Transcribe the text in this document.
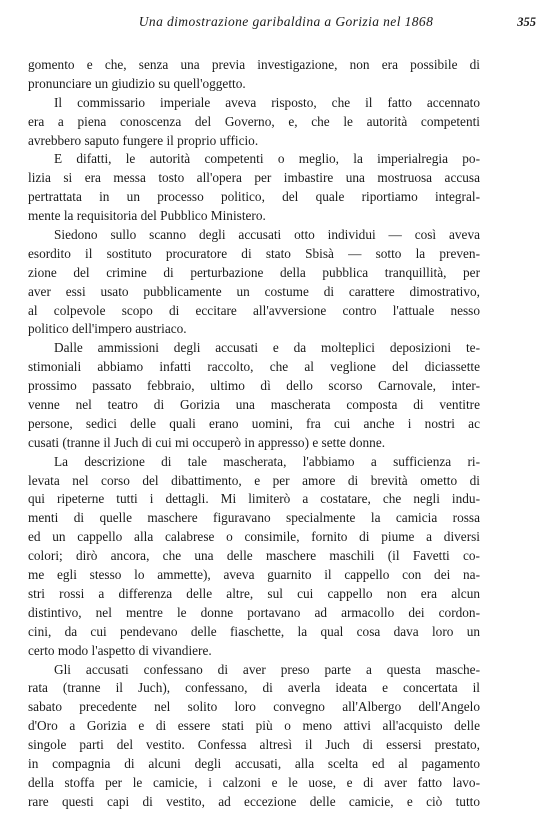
Una dimostrazione garibaldina a Gorizia nel 1868	355
gomento e che, senza una previa investigazione, non era possibile di
pronunciare un giudizio su quell'oggetto.
Il commissario imperiale aveva risposto, che il fatto accennato
era a piena conoscenza del Governo, e, che le autorità competenti
avrebbero saputo fungere il proprio ufficio.
E difatti, le autorità competenti o meglio, la imperialregia po-
lizia si era messa tosto all'opera per imbastire una mostruosa accusa
pertrattata in un processo politico, del quale riportiamo integral-
mente la requisitoria del Pubblico Ministero.
Siedono sullo scanno degli accusati otto individui — così aveva
esordito il sostituto procuratore di stato Sbisà — sotto la preven-
zione del crimine di perturbazione della pubblica tranquillità, per
aver essi usato pubblicamente un costume di carattere dimostrativo,
al colpevole scopo di eccitare all'avversione contro l'attuale nesso
politico dell'impero austriaco.
Dalle ammissioni degli accusati e da molteplici deposizioni te-
stimoniali abbiamo infatti raccolto, che al veglione del diciassette
prossimo passato febbraio, ultimo dì dello scorso Carnovale, inter-
venne nel teatro di Gorizia una mascherata composta di ventitre
persone, sedici delle quali erano uomini, fra cui anche i nostri ac
cusati (tranne il Juch di cui mi occuperò in appresso) e sette donne.
La descrizione di tale mascherata, l'abbiamo a sufficienza ri-
levata nel corso del dibattimento, e per amore di brevità ometto di
qui ripeterne tutti i dettagli. Mi limiterò a costatare, che negli indu-
menti di quelle maschere figuravano specialmente la camicia rossa
ed un cappello alla calabrese o consimile, fornito di piume a diversi
colori; dirò ancora, che una delle maschere maschili (il Favetti co-
me egli stesso lo ammette), aveva guarnito il cappello con dei na-
stri rossi a differenza delle altre, sul cui cappello non era alcun
distintivo, nel mentre le donne portavano ad armacollo dei cordon-
cini, da cui pendevano delle fiaschette, la qual cosa dava loro un
certo modo l'aspetto di vivandiere.
Gli accusati confessano di aver preso parte a questa masche-
rata (tranne il Juch), confessano, di averla ideata e concertata il
sabato precedente nel solito loro convegno all'Albergo dell'Angelo
d'Oro a Gorizia e di essere stati più o meno attivi all'acquisto delle
singole parti del vestito. Confessa altresì il Juch di essersi prestato,
in compagnia di alcuni degli accusati, alla scelta ed al pagamento
della stoffa per le camicie, i calzoni e le uose, e di aver fatto lavo-
rare questi capi di vestito, ad eccezione delle camicie, e ciò tutto
